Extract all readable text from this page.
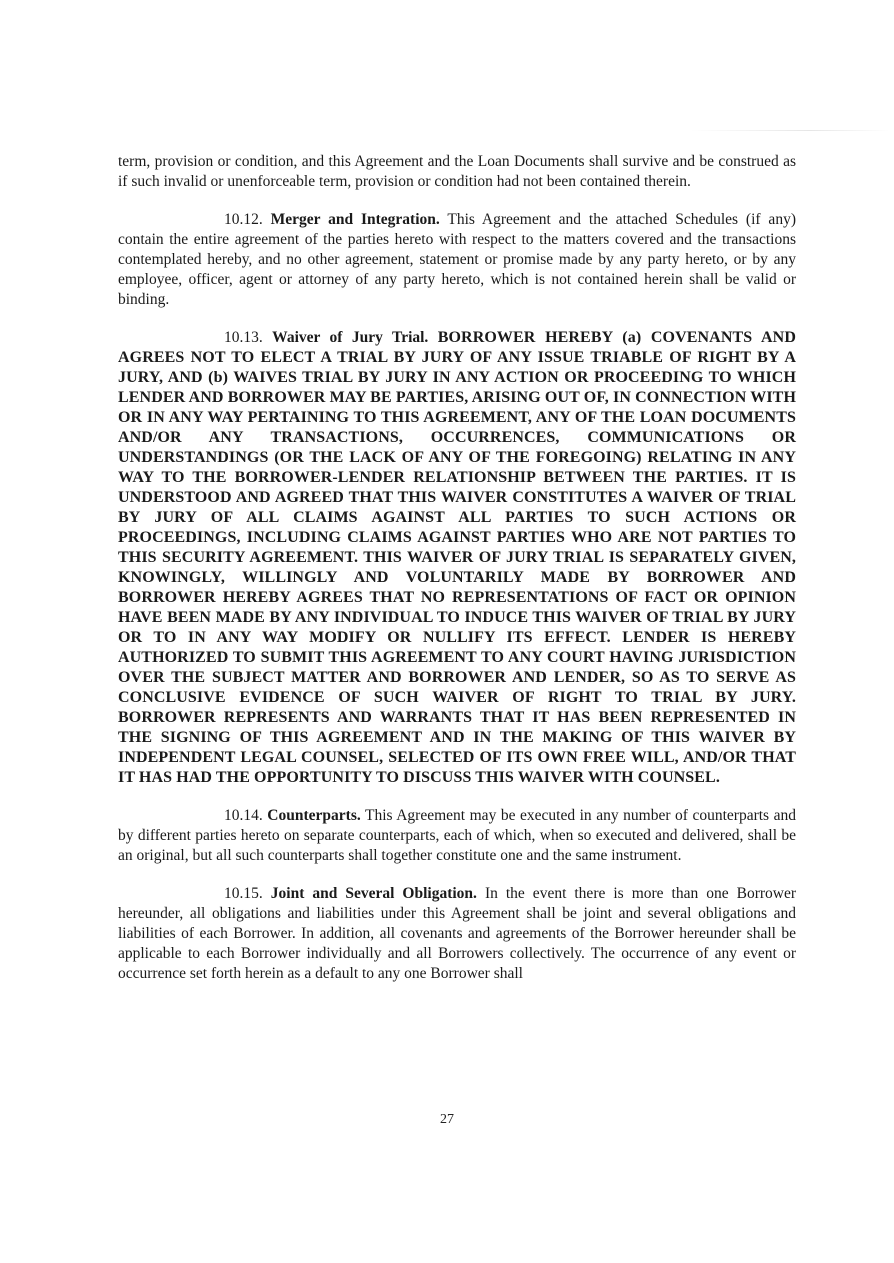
term, provision or condition, and this Agreement and the Loan Documents shall survive and be construed as if such invalid or unenforceable term, provision or condition had not been contained therein.

10.12. Merger and Integration. This Agreement and the attached Schedules (if any) contain the entire agreement of the parties hereto with respect to the matters covered and the transactions contemplated hereby, and no other agreement, statement or promise made by any party hereto, or by any employee, officer, agent or attorney of any party hereto, which is not contained herein shall be valid or binding.

10.13. Waiver of Jury Trial. BORROWER HEREBY (a) COVENANTS AND AGREES NOT TO ELECT A TRIAL BY JURY OF ANY ISSUE TRIABLE OF RIGHT BY A JURY, AND (b) WAIVES TRIAL BY JURY IN ANY ACTION OR PROCEEDING TO WHICH LENDER AND BORROWER MAY BE PARTIES, ARISING OUT OF, IN CONNECTION WITH OR IN ANY WAY PERTAINING TO THIS AGREEMENT, ANY OF THE LOAN DOCUMENTS AND/OR ANY TRANSACTIONS, OCCURRENCES, COMMUNICATIONS OR UNDERSTANDINGS (OR THE LACK OF ANY OF THE FOREGOING) RELATING IN ANY WAY TO THE BORROWER-LENDER RELATIONSHIP BETWEEN THE PARTIES. IT IS UNDERSTOOD AND AGREED THAT THIS WAIVER CONSTITUTES A WAIVER OF TRIAL BY JURY OF ALL CLAIMS AGAINST ALL PARTIES TO SUCH ACTIONS OR PROCEEDINGS, INCLUDING CLAIMS AGAINST PARTIES WHO ARE NOT PARTIES TO THIS SECURITY AGREEMENT. THIS WAIVER OF JURY TRIAL IS SEPARATELY GIVEN, KNOWINGLY, WILLINGLY AND VOLUNTARILY MADE BY BORROWER AND BORROWER HEREBY AGREES THAT NO REPRESENTATIONS OF FACT OR OPINION HAVE BEEN MADE BY ANY INDIVIDUAL TO INDUCE THIS WAIVER OF TRIAL BY JURY OR TO IN ANY WAY MODIFY OR NULLIFY ITS EFFECT. LENDER IS HEREBY AUTHORIZED TO SUBMIT THIS AGREEMENT TO ANY COURT HAVING JURISDICTION OVER THE SUBJECT MATTER AND BORROWER AND LENDER, SO AS TO SERVE AS CONCLUSIVE EVIDENCE OF SUCH WAIVER OF RIGHT TO TRIAL BY JURY. BORROWER REPRESENTS AND WARRANTS THAT IT HAS BEEN REPRESENTED IN THE SIGNING OF THIS AGREEMENT AND IN THE MAKING OF THIS WAIVER BY INDEPENDENT LEGAL COUNSEL, SELECTED OF ITS OWN FREE WILL, AND/OR THAT IT HAS HAD THE OPPORTUNITY TO DISCUSS THIS WAIVER WITH COUNSEL.

10.14. Counterparts. This Agreement may be executed in any number of counterparts and by different parties hereto on separate counterparts, each of which, when so executed and delivered, shall be an original, but all such counterparts shall together constitute one and the same instrument.

10.15. Joint and Several Obligation. In the event there is more than one Borrower hereunder, all obligations and liabilities under this Agreement shall be joint and several obligations and liabilities of each Borrower. In addition, all covenants and agreements of the Borrower hereunder shall be applicable to each Borrower individually and all Borrowers collectively. The occurrence of any event or occurrence set forth herein as a default to any one Borrower shall

27
